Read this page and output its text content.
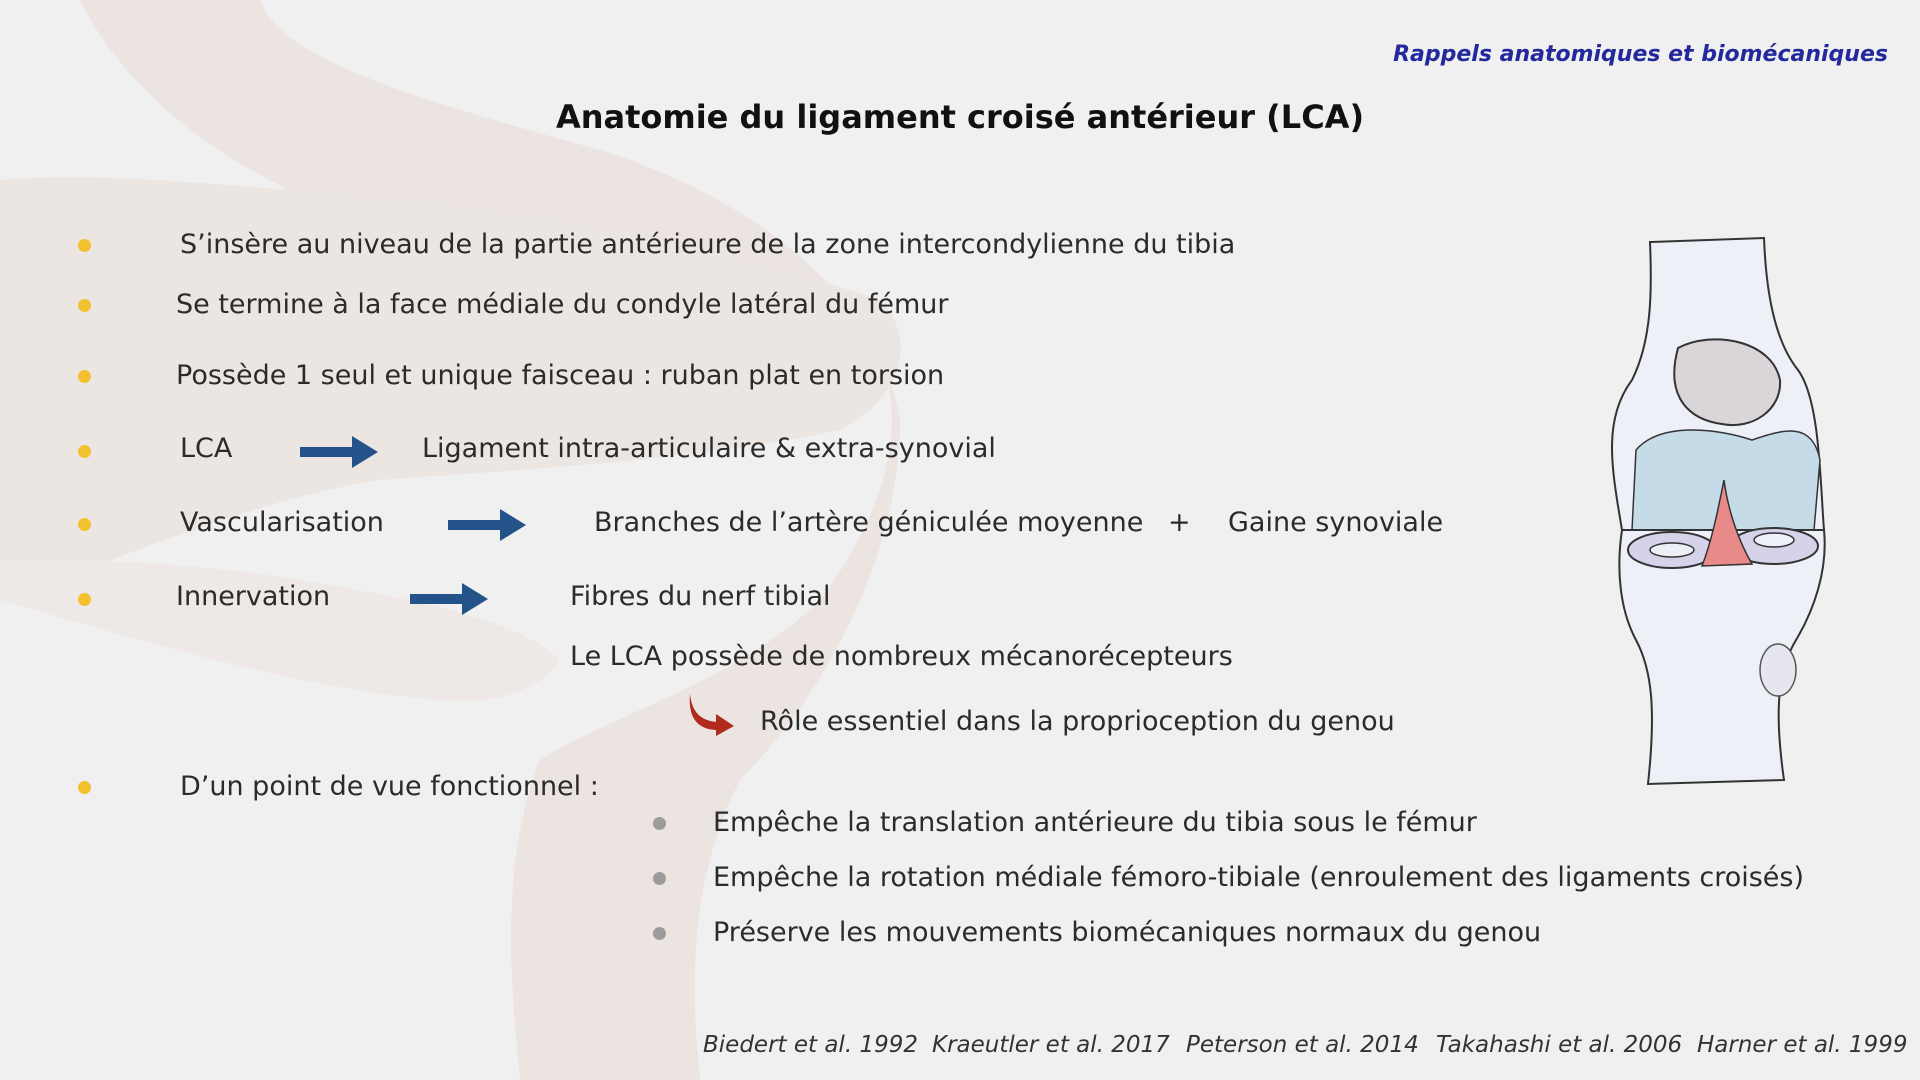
Rappels anatomiques et biomécaniques
Anatomie du ligament croisé antérieur (LCA)
S’insère au niveau de la partie antérieure de la zone intercondylienne du tibia
Se termine à la face médiale du condyle latéral du fémur
Possède 1 seul et unique faisceau : ruban plat en torsion
LCA	Ligament intra-articulaire & extra-synovial
Vascularisation	Branches de l’artère géniculée moyenne + Gaine synoviale
Innervation	Fibres du nerf tibial
Le LCA possède de nombreux mécanorécepteurs
Rôle essentiel dans la proprioception du genou
D’un point de vue fonctionnel :
Empêche la translation antérieure du tibia sous le fémur
Empêche la rotation médiale fémoro-tibiale (enroulement des ligaments croisés)
Préserve les mouvements biomécaniques normaux du genou
Biedert et al. 1992 Kraeutler et al. 2017 Peterson et al. 2014 Takahashi et al. 2006 Harner et al. 1999
